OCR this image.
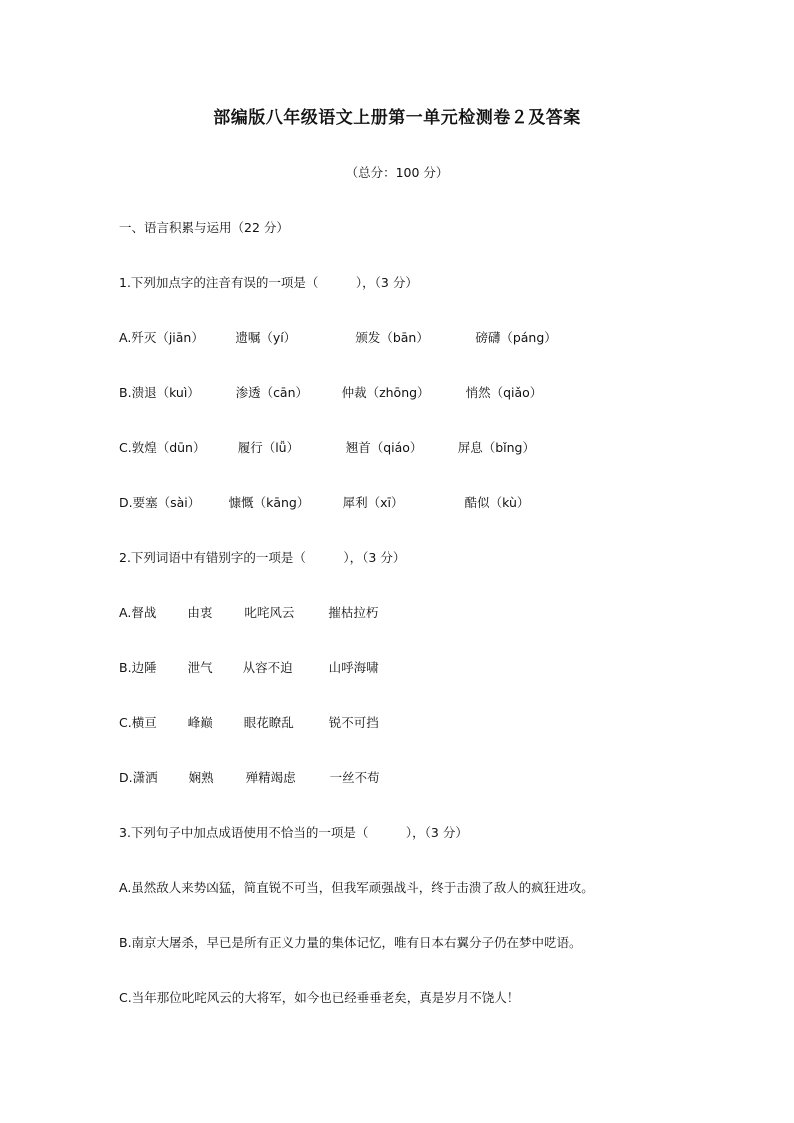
部编版八年级语文上册第一单元检测卷２及答案
（总分：100 分）
一、语言积累与运用（22 分）
1.下列加点字的注音有误的一项是（　　　），（3 分）
A.歼灭（jiān）	遗嘱（yí）	颁发（bān）	磅礴（páng）
B.溃退（kuì）	渗透（cān）	仲裁（zhōng）	悄然（qiǎo）
C.敦煌（dūn）	履行（lǚ）	翘首（qiáo）	屏息（bǐng）
D.要塞（sài） 慷慨（kāng）	犀利（xī）	酷似（kù）
2.下列词语中有错别字的一项是（　　　），（3 分）
A.督战 由衷	叱咤风云	摧枯拉朽
B.边陲 泄气 从容不迫	山呼海啸
C.横亘 峰巅 眼花瞭乱	锐不可挡
D.潇洒 娴熟	殚精竭虑	一丝不苟
3.下列句子中加点成语使用不恰当的一项是（　　　），（3 分）
A.虽然敌人来势凶猛，简直锐不可当，但我军顽强战斗，终于击溃了敌人的疯狂进攻。
B.南京大屠杀，早已是所有正义力量的集体记忆，唯有日本右翼分子仍在梦中呓语。
C.当年那位叱咤风云的大将军，如今也已经垂垂老矣，真是岁月不饶人！
